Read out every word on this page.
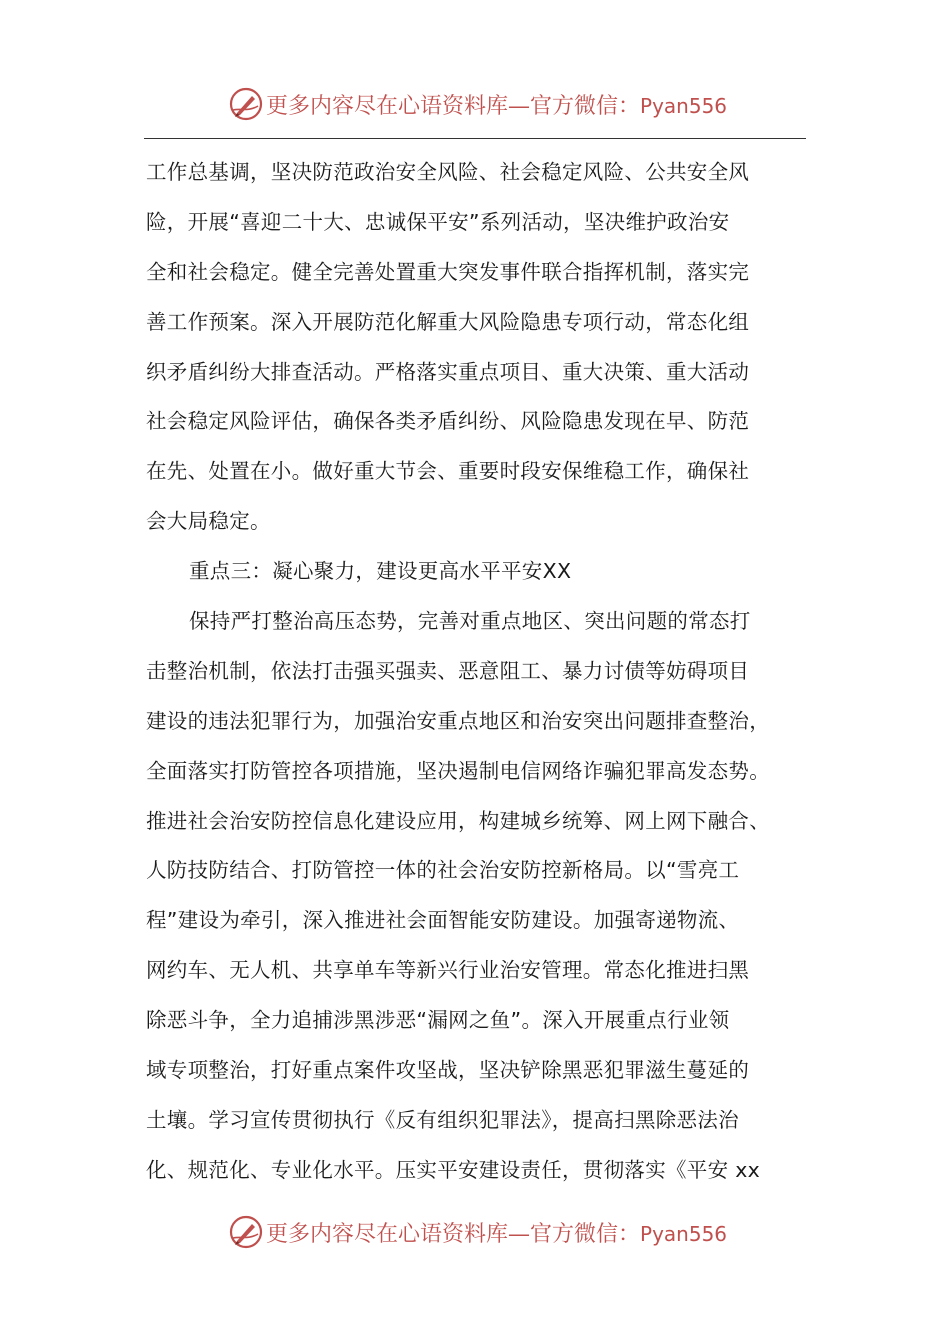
更多内容尽在心语资料库—官方微信：Pyan556
工作总基调，坚决防范政治安全风险、社会稳定风险、公共安全风
险，开展“喜迎二十大、忠诚保平安”系列活动，坚决维护政治安
全和社会稳定。健全完善处置重大突发事件联合指挥机制，落实完
善工作预案。深入开展防范化解重大风险隐患专项行动，常态化组
织矛盾纠纷大排查活动。严格落实重点项目、重大决策、重大活动
社会稳定风险评估，确保各类矛盾纠纷、风险隐患发现在早、防范
在先、处置在小。做好重大节会、重要时段安保维稳工作，确保社
会大局稳定。
重点三：凝心聚力，建设更高水平平安XX
保持严打整治高压态势，完善对重点地区、突出问题的常态打
击整治机制，依法打击强买强卖、恶意阻工、暴力讨债等妨碍项目
建设的违法犯罪行为，加强治安重点地区和治安突出问题排查整治，
全面落实打防管控各项措施，坚决遏制电信网络诈骗犯罪高发态势。
推进社会治安防控信息化建设应用，构建城乡统筹、网上网下融合、
人防技防结合、打防管控一体的社会治安防控新格局。以“雪亮工
程”建设为牵引，深入推进社会面智能安防建设。加强寄递物流、
网约车、无人机、共享单车等新兴行业治安管理。常态化推进扫黑
除恶斗争，全力追捕涉黑涉恶“漏网之鱼”。深入开展重点行业领
域专项整治，打好重点案件攻坚战，坚决铲除黑恶犯罪滋生蔓延的
土壤。学习宣传贯彻执行《反有组织犯罪法》，提高扫黑除恶法治
化、规范化、专业化水平。压实平安建设责任，贯彻落实《平安 xx
更多内容尽在心语资料库—官方微信：Pyan556
